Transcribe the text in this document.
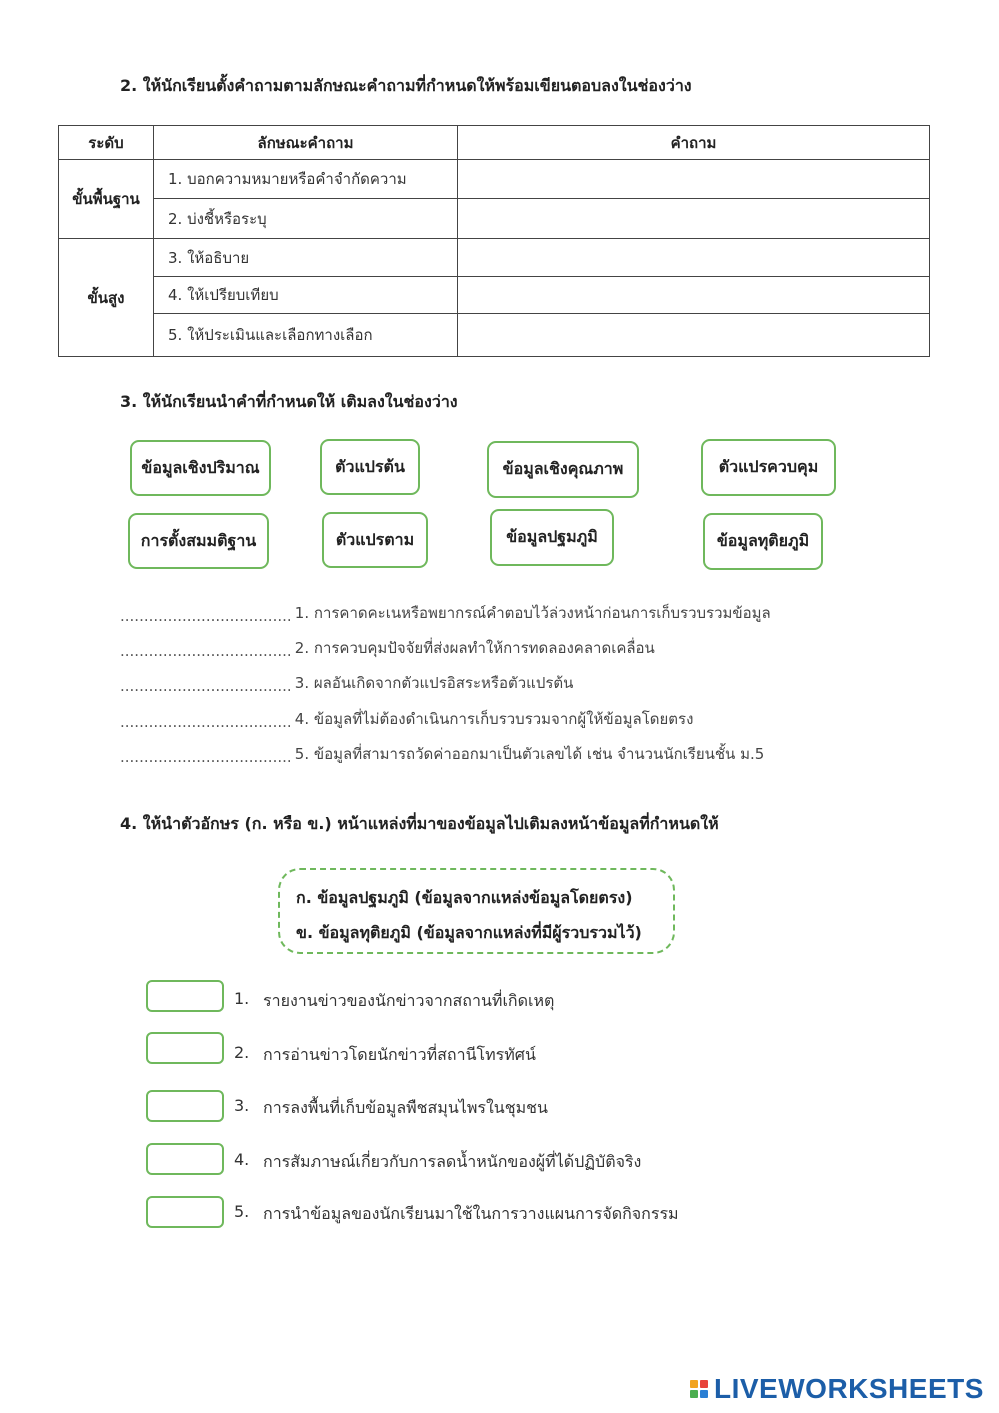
2. ให้นักเรียนตั้งคำถามตามลักษณะคำถามที่กำหนดให้พร้อมเขียนตอบลงในช่องว่าง

ระดับ	ลักษณะคำถาม	คำถาม
ขั้นพื้นฐาน	1. บอกความหมายหรือคำจำกัดความ	
	2. บ่งชี้หรือระบุ	
ขั้นสูง	3. ให้อธิบาย	
	4. ให้เปรียบเทียบ	
	5. ให้ประเมินและเลือกทางเลือก	

3. ให้นักเรียนนำคำที่กำหนดให้ เติมลงในช่องว่าง

ข้อมูลเชิงปริมาณ	ตัวแปรต้น	ข้อมูลเชิงคุณภาพ	ตัวแปรควบคุม
การตั้งสมมติฐาน	ตัวแปรตาม	ข้อมูลปฐมภูมิ	ข้อมูลทุติยภูมิ
..... 1. การคาดคะเนหรือพยากรณ์คำตอบไว้ล่วงหน้าก่อนการเก็บรวบรวมข้อมูล
..... 2. การควบคุมปัจจัยที่ส่งผลทำให้การทดลองคลาดเคลื่อน
..... 3. ผลอันเกิดจากตัวแปรอิสระหรือตัวแปรต้น
..... 4. ข้อมูลที่ไม่ต้องดำเนินการเก็บรวบรวมจากผู้ให้ข้อมูลโดยตรง
..... 5. ข้อมูลที่สามารถวัดค่าออกมาเป็นตัวเลขได้ เช่น จำนวนนักเรียนชั้น ม.5

4. ให้นำตัวอักษร (ก. หรือ ข.) หน้าแหล่งที่มาของข้อมูลไปเติมลงหน้าข้อมูลที่กำหนดให้

ก. ข้อมูลปฐมภูมิ (ข้อมูลจากแหล่งข้อมูลโดยตรง)
ข. ข้อมูลทุติยภูมิ (ข้อมูลจากแหล่งที่มีผู้รวบรวมไว้)
1. รายงานข่าวของนักข่าวจากสถานที่เกิดเหตุ
2. การอ่านข่าวโดยนักข่าวที่สถานีโทรทัศน์
3. การลงพื้นที่เก็บข้อมูลพืชสมุนไพรในชุมชน
4. การสัมภาษณ์เกี่ยวกับการลดน้ำหนักของผู้ที่ได้ปฏิบัติจริง
5. การนำข้อมูลของนักเรียนมาใช้ในการวางแผนการจัดกิจกรรม
LIVEWORKSHEETS
